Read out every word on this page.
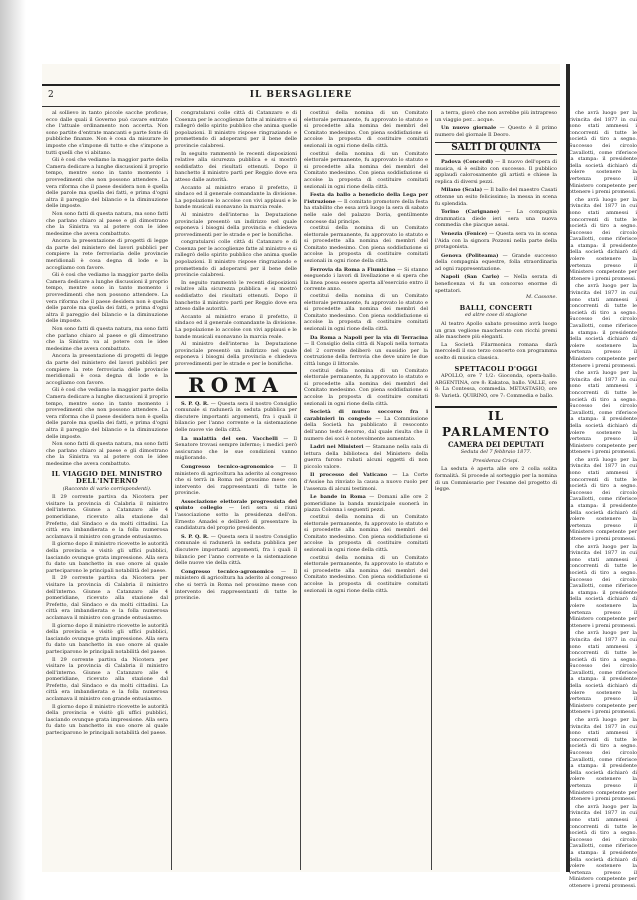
2	IL BERSAGLIERE

al sollievo in tanto piccole sacche proficue, ecco dalle quali il Governo può cavare entrate che l'attuale ordinamento non accerta. Non sono partite d'entrate mancanti e parte fonte di pubbliche finanze. Non è cosa da misurare le imposte che s'impone di tutto e che s'impone a tutti quelli che vi abitano.

Gli è così che vediamo la maggior parte della Camera dedicare a lunghe discussioni il proprio tempo, mentre sono in tanto momento i provvedimenti che non possono attendere. La vera riforma che il paese desidera non è quella delle parole ma quella dei fatti, e prima d'ogni altra il pareggio del bilancio e la diminuzione delle imposte.

Non sono fatti di questa natura, ma sono fatti che parlano chiaro al paese e gli dimostrano che la Sinistra va al potere con le idee medesime che aveva combattuto.

Ancora la presentazione di progetti di legge da parte del ministero del lavori pubblici per compiere la rete ferroviaria delle provincie meridionali è cosa degna di lode e la accogliamo con favore.

Gli è così che vediamo la maggior parte della Camera dedicare a lunghe discussioni il proprio tempo, mentre sono in tanto momento i provvedimenti che non possono attendere. La vera riforma che il paese desidera non è quella delle parole ma quella dei fatti, e prima d'ogni altra il pareggio del bilancio e la diminuzione delle imposte.

Non sono fatti di questa natura, ma sono fatti che parlano chiaro al paese e gli dimostrano che la Sinistra va al potere con le idee medesime che aveva combattuto.

Ancora la presentazione di progetti di legge da parte del ministero del lavori pubblici per compiere la rete ferroviaria delle provincie meridionali è cosa degna di lode e la accogliamo con favore.

Gli è così che vediamo la maggior parte della Camera dedicare a lunghe discussioni il proprio tempo, mentre sono in tanto momento i provvedimenti che non possono attendere. La vera riforma che il paese desidera non è quella delle parole ma quella dei fatti, e prima d'ogni altra il pareggio del bilancio e la diminuzione delle imposte.

Non sono fatti di questa natura, ma sono fatti che parlano chiaro al paese e gli dimostrano che la Sinistra va al potere con le idee medesime che aveva combattuto.

IL VIAGGIO DEL MINISTRO DELL'INTERNO
(Racconto di vario corrispondenti).

Il 29 corrente partiva da Nicotera per visitare la provincia di Calabria il ministro dell'interno. Giunse a Catanzaro alle 4 pomeridiane, ricevuto alla stazione dal Prefetto, dal Sindaco e da molti cittadini. La città era imbandierata e la folla numerosa acclamava il ministro con grande entusiasmo.

Il giorno dopo il ministro ricevette le autorità della provincia e visitò gli uffici pubblici, lasciando ovunque grata impressione. Alla sera fu dato un banchetto in suo onore al quale parteciparono le principali notabilità del paese.

Il 29 corrente partiva da Nicotera per visitare la provincia di Calabria il ministro dell'interno. Giunse a Catanzaro alle 4 pomeridiane, ricevuto alla stazione dal Prefetto, dal Sindaco e da molti cittadini. La città era imbandierata e la folla numerosa acclamava il ministro con grande entusiasmo.

Il giorno dopo il ministro ricevette le autorità della provincia e visitò gli uffici pubblici, lasciando ovunque grata impressione. Alla sera fu dato un banchetto in suo onore al quale parteciparono le principali notabilità del paese.

Il 29 corrente partiva da Nicotera per visitare la provincia di Calabria il ministro dell'interno. Giunse a Catanzaro alle 4 pomeridiane, ricevuto alla stazione dal Prefetto, dal Sindaco e da molti cittadini. La città era imbandierata e la folla numerosa acclamava il ministro con grande entusiasmo.

Il giorno dopo il ministro ricevette le autorità della provincia e visitò gli uffici pubblici, lasciando ovunque grata impressione. Alla sera fu dato un banchetto in suo onore al quale parteciparono le principali notabilità del paese.

congratularsi colle città di Catanzaro e di Cosenza per le accoglienze fatte al ministro e si rallegrò dello spirito pubblico che anima quelle popolazioni. Il ministro rispose ringraziando e promettendo di adoperarsi per il bene delle provincie calabresi.

In seguito rammentò le recenti disposizioni relative alla sicurezza pubblica e si mostrò soddisfatto dei risultati ottenuti. Dopo il banchetto il ministro partì per Reggio dove era atteso dalle autorità.

Accanto al ministro erano il prefetto, il sindaco ed il generale comandante la divisione. La popolazione lo accolse con vivi applausi e le bande musicali suonavano la marcia reale.

Al ministro dell'interno la Deputazione provinciale presentò un indirizzo nel quale esponeva i bisogni della provincia e chiedeva provvedimenti per le strade e per le bonifiche.

congratularsi colle città di Catanzaro e di Cosenza per le accoglienze fatte al ministro e si rallegrò dello spirito pubblico che anima quelle popolazioni. Il ministro rispose ringraziando e promettendo di adoperarsi per il bene delle provincie calabresi.

In seguito rammentò le recenti disposizioni relative alla sicurezza pubblica e si mostrò soddisfatto dei risultati ottenuti. Dopo il banchetto il ministro partì per Reggio dove era atteso dalle autorità.

Accanto al ministro erano il prefetto, il sindaco ed il generale comandante la divisione. La popolazione lo accolse con vivi applausi e le bande musicali suonavano la marcia reale.

Al ministro dell'interno la Deputazione provinciale presentò un indirizzo nel quale esponeva i bisogni della provincia e chiedeva provvedimenti per le strade e per le bonifiche.

ROMA

S. P. Q. R. — Questa sera il nostro Consiglio comunale si radunerà in seduta pubblica per discutere importanti argomenti, fra i quali il bilancio per l'anno corrente e la sistemazione delle nuove vie della città.

La malattia del sen. Vacchelli — Il Senatore trovasi sempre infermo; i medici però assicurano che le sue condizioni vanno migliorando.

Congresso tecnico-agronomico — Il ministero di agricoltura ha aderito al congresso che si terrà in Roma nel prossimo mese con intervento dei rappresentanti di tutte le provincie.

Associazione elettorale progressista del quinto collegio — Ieri sera si riunì l'associazione sotto la presidenza dell'on. Ernesto Amadei e deliberò di presentare la candidatura del proprio presidente.

S. P. Q. R. — Questa sera il nostro Consiglio comunale si radunerà in seduta pubblica per discutere importanti argomenti, fra i quali il bilancio per l'anno corrente e la sistemazione delle nuove vie della città.

Congresso tecnico-agronomico — Il ministero di agricoltura ha aderito al congresso che si terrà in Roma nel prossimo mese con intervento dei rappresentanti di tutte le provincie.

costitui della nomina di un Comitato elettorale permanente, fu approvato lo statuto e si procedette alla nomina dei membri del Comitato medesimo. Con piena soddisfazione si accolse la proposta di costituire comitati sezionali in ogni rione della città.

costitui della nomina di un Comitato elettorale permanente, fu approvato lo statuto e si procedette alla nomina dei membri del Comitato medesimo. Con piena soddisfazione si accolse la proposta di costituire comitati sezionali in ogni rione della città.

Festa da ballo a beneficio della Lega per l'istruzione — Il comitato promotore della festa ha stabilito che essa avrà luogo la sera di sabato nelle sale del palazzo Doria, gentilmente concesse dal principe.

costitui della nomina di un Comitato elettorale permanente, fu approvato lo statuto e si procedette alla nomina dei membri del Comitato medesimo. Con piena soddisfazione si accolse la proposta di costituire comitati sezionali in ogni rione della città.

Ferrovia da Roma a Fiumicino — Si stanno eseguendo i lavori di livellazione e si spera che la linea possa essere aperta all'esercizio entro il corrente anno.

costitui della nomina di un Comitato elettorale permanente, fu approvato lo statuto e si procedette alla nomina dei membri del Comitato medesimo. Con piena soddisfazione si accolse la proposta di costituire comitati sezionali in ogni rione della città.

Da Roma a Napoli per la via di Terracina — Il Consiglio della città di Napoli nella tornata del 2 corrente deliberò un sussidio per la costruzione della ferrovia che deve unire le due città lungo il littorale.

costitui della nomina di un Comitato elettorale permanente, fu approvato lo statuto e si procedette alla nomina dei membri del Comitato medesimo. Con piena soddisfazione si accolse la proposta di costituire comitati sezionali in ogni rione della città.

Società di mutuo soccorso fra i carabinieri in congedo — La Commissione della Società ha pubblicato il resoconto dell'anno testé decorso, dal quale risulta che il numero dei soci è notevolmente aumentato.

Ladri nei Ministeri — Stamane nella sala di lettura della biblioteca del Ministero della guerra furono rubati alcuni oggetti di non piccolo valore.

Il processo del Vaticano — La Corte d'Assise ha rinviato la causa a nuovo ruolo per l'assenza di alcuni testimoni.

Le bande in Roma — Domani alle ore 2 pomeridiane la banda municipale suonerà in piazza Colonna i seguenti pezzi.

costitui della nomina di un Comitato elettorale permanente, fu approvato lo statuto e si procedette alla nomina dei membri del Comitato medesimo. Con piena soddisfazione si accolse la proposta di costituire comitati sezionali in ogni rione della città.

costitui della nomina di un Comitato elettorale permanente, fu approvato lo statuto e si procedette alla nomina dei membri del Comitato medesimo. Con piena soddisfazione si accolse la proposta di costituire comitati sezionali in ogni rione della città.

a terra, giovò che non avrebbe più intrapreso un viaggio per... acque.

Un nuovo giornale — Questo è il primo numero del giornale Il Deoro.

SALTI DI QUINTA

Padova (Concordi) — Il nuovo dell'opera di musica, si è esibito con successo. Il pubblico applaudì calorosamente gli artisti e chiese la replica di diversi pezzi.

Milano (Scala) — Il ballo del maestro Casati ottenne un esito felicissimo; la messa in scena fu splendida.

Torino (Carignano) — La compagnia drammatica diede ieri sera una nuova commedia che piacque assai.

Venezia (Fenice) — Questa sera va in scena l'Aida con la signora Pozzoni nella parte della protagonista.

Genova (Politeama) — Grande successo della compagnia equestre, folla straordinaria ad ogni rappresentazione.

Napoli (San Carlo) — Nella serata di beneficenza vi fu un concorso enorme di spettatori.

M. Cassone.

BALLI, CONCERTI
ed altre cose di stagione

Al teatro Apollo sabato prossimo avrà luogo un gran veglione mascherato con ricchi premi alle maschere più eleganti.

La Società Filarmonica romana darà mercoledì il suo terzo concerto con programma scelto di musica classica.

SPETTACOLI D'OGGI

APOLLO, ore 7 1/2: Gioconda, opera-ballo. ARGENTINA, ore 8: Kakatoa, ballo. VALLE, ore 8: La Contessa, commedia. METASTASIO, ore 8: Varietà. QUIRINO, ore 7: Commedia e ballo.

IL PARLAMENTO
CAMERA DEI DEPUTATI
Seduta del 7 febbraio 1877.
Presidenza Crispi.

La seduta è aperta alle ore 2 colla solita formalità. Si procede al sorteggio per la nomina di un Commissario per l'esame del progetto di legge.

che avrà luogo per la rivincita del 1877 in cui sono stati ammessi i concorrenti di tutte le società di tiro a segno. Successo dei circolo Cavallotti, come riferisce la stampa: il presidente della società dichiarò di volere sostenere la vertenza presso il Ministero competente per ottenere i premi promessi.

che avrà luogo per la rivincita del 1877 in cui sono stati ammessi i concorrenti di tutte le società di tiro a segno. Successo dei circolo Cavallotti, come riferisce la stampa: il presidente della società dichiarò di volere sostenere la vertenza presso il Ministero competente per ottenere i premi promessi.

che avrà luogo per la rivincita del 1877 in cui sono stati ammessi i concorrenti di tutte le società di tiro a segno. Successo dei circolo Cavallotti, come riferisce la stampa: il presidente della società dichiarò di volere sostenere la vertenza presso il Ministero competente per ottenere i premi promessi.

che avrà luogo per la rivincita del 1877 in cui sono stati ammessi i concorrenti di tutte le società di tiro a segno. Successo dei circolo Cavallotti, come riferisce la stampa: il presidente della società dichiarò di volere sostenere la vertenza presso il Ministero competente per ottenere i premi promessi.

che avrà luogo per la rivincita del 1877 in cui sono stati ammessi i concorrenti di tutte le società di tiro a segno. Successo dei circolo Cavallotti, come riferisce la stampa: il presidente della società dichiarò di volere sostenere la vertenza presso il Ministero competente per ottenere i premi promessi.

che avrà luogo per la rivincita del 1877 in cui sono stati ammessi i concorrenti di tutte le società di tiro a segno. Successo dei circolo Cavallotti, come riferisce la stampa: il presidente della società dichiarò di volere sostenere la vertenza presso il Ministero competente per ottenere i premi promessi.

che avrà luogo per la rivincita del 1877 in cui sono stati ammessi i concorrenti di tutte le società di tiro a segno. Successo dei circolo Cavallotti, come riferisce la stampa: il presidente della società dichiarò di volere sostenere la vertenza presso il Ministero competente per ottenere i premi promessi.

che avrà luogo per la rivincita del 1877 in cui sono stati ammessi i concorrenti di tutte le società di tiro a segno. Successo dei circolo Cavallotti, come riferisce la stampa: il presidente della società dichiarò di volere sostenere la vertenza presso il Ministero competente per ottenere i premi promessi.

che avrà luogo per la rivincita del 1877 in cui sono stati ammessi i concorrenti di tutte le società di tiro a segno. Successo dei circolo Cavallotti, come riferisce la stampa: il presidente della società dichiarò di volere sostenere la vertenza presso il Ministero competente per ottenere i premi promessi.
